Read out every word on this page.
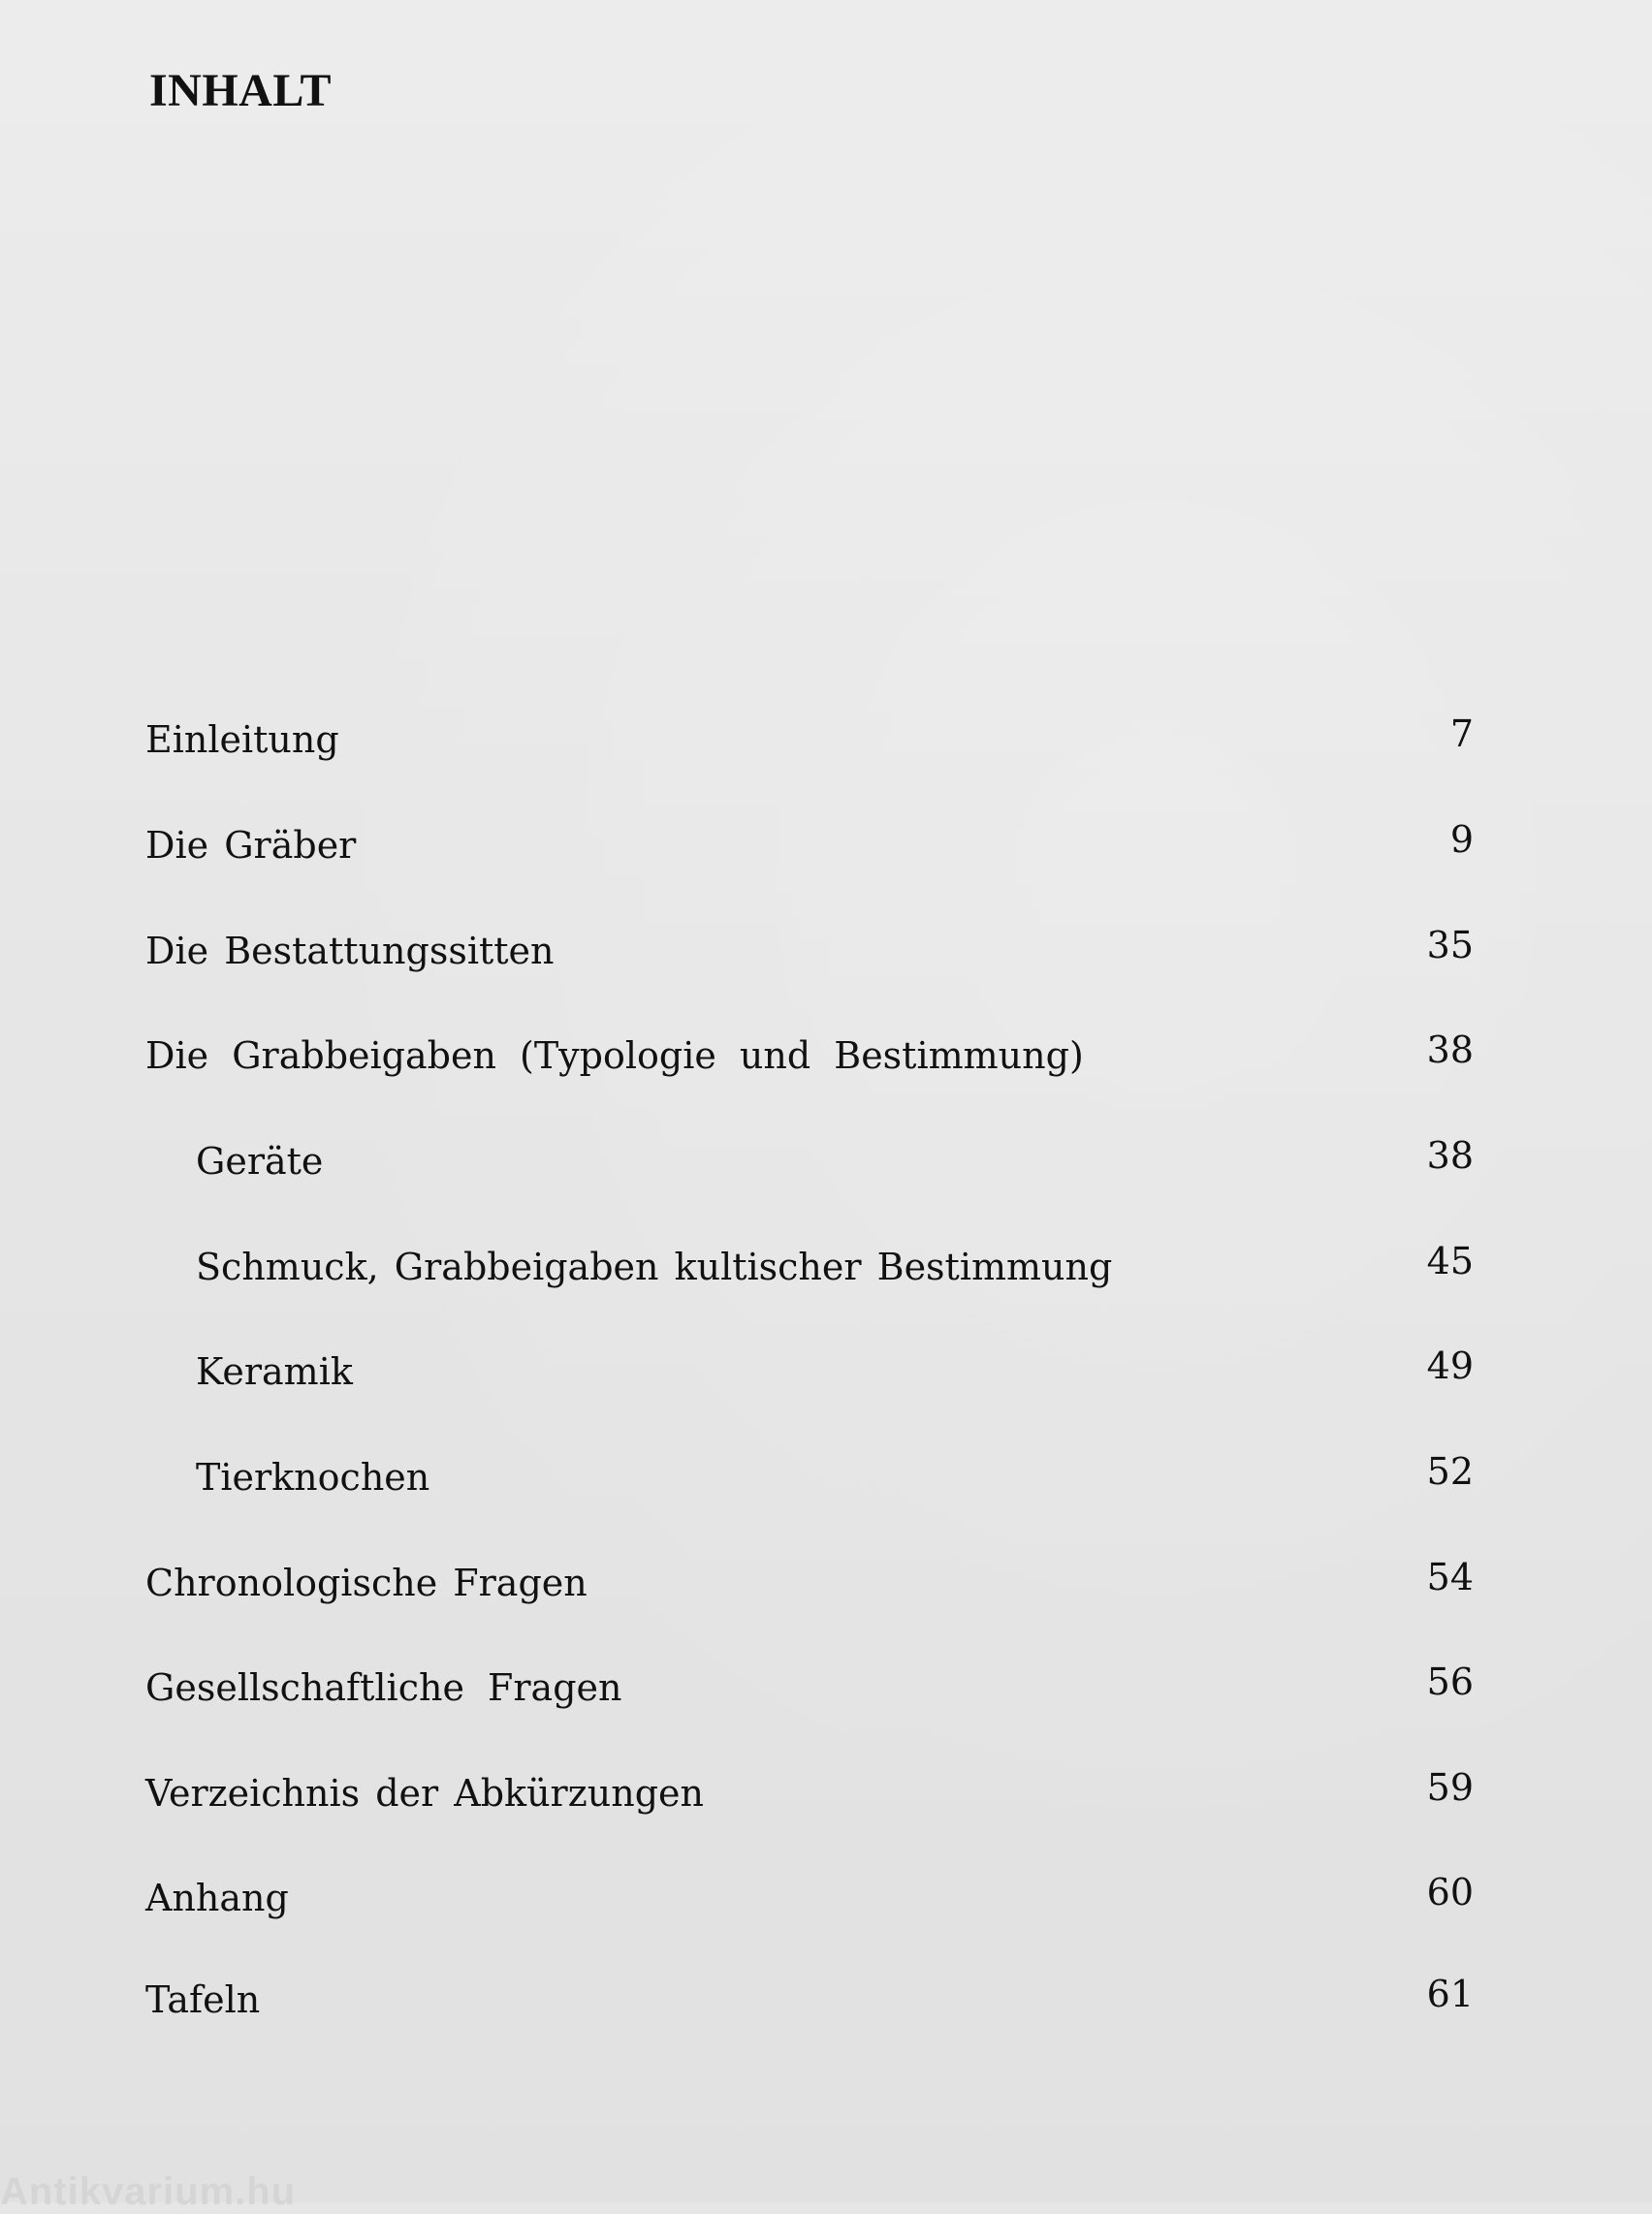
INHALT
Einleitung	7
Die Gräber	9
Die Bestattungssitten	35
Die Grabbeigaben (Typologie und Bestimmung)	38
Geräte	38
Schmuck, Grabbeigaben kultischer Bestimmung	45
Keramik	49
Tierknochen	52
Chronologische Fragen	54
Gesellschaftliche Fragen	56
Verzeichnis der Abkürzungen	59
Anhang	60
Tafeln	61
Antikvarium.hu
